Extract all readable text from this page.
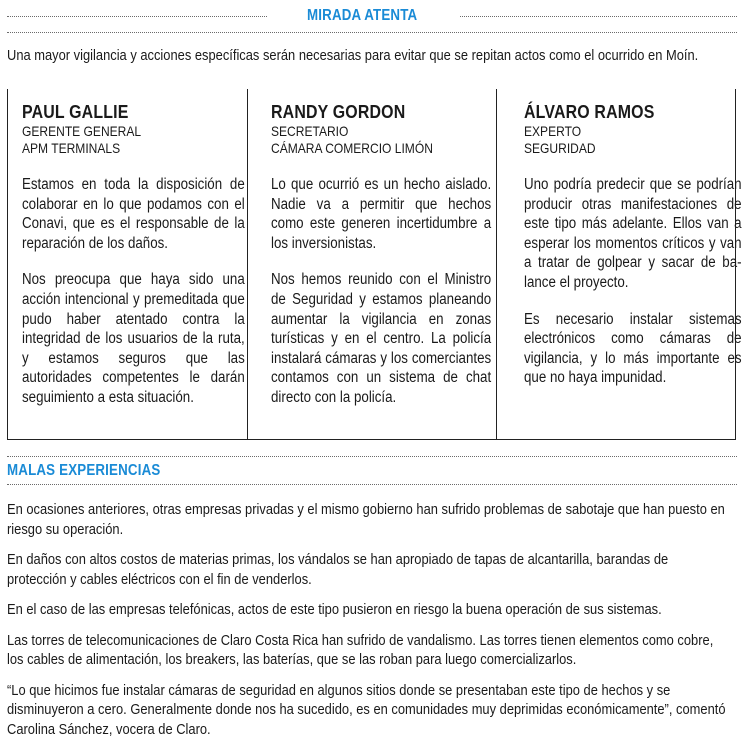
MIRADA ATENTA
Una mayor vigilancia y acciones específicas serán necesarias para evitar que se repitan actos como el ocurrido en Moín.
PAUL GALLIE
GERENTE GENERAL
APM TERMINALS

Estamos en toda la disposición de colaborar en lo que podamos con el Conavi, que es el responsable de la reparación de los daños.

Nos preocupa que haya sido una acción intencional y premeditada que pudo haber atentado contra la integridad de los usuarios de la ruta, y estamos seguros que las autoridades competentes le darán seguimiento a esta situación.

RANDY GORDON
SECRETARIO
CÁMARA COMERCIO LIMÓN

Lo que ocurrió es un hecho aislado. Nadie va a permitir que hechos como este generen incertidumbre a los inversionistas.

Nos hemos reunido con el Ministro de Seguridad y estamos planeando aumentar la vigilancia en zonas turísticas y en el centro. La policía instalará cámaras y los comerciantes contamos con un sistema de chat directo con la policía.

ÁLVARO RAMOS
EXPERTO
SEGURIDAD

Uno podría predecir que se podrían producir otras manifestaciones de este tipo más adelante. Ellos van a esperar los momentos críticos y van a tratar de golpear y sacar de balance el proyecto.

Es necesario instalar sistemas electrónicos como cámaras de vigilancia, y lo más importante es que no haya impunidad.

MALAS EXPERIENCIAS

En ocasiones anteriores, otras empresas privadas y el mismo gobierno han sufrido problemas de sabotaje que han puesto en riesgo su operación.

En daños con altos costos de materias primas, los vándalos se han apropiado de tapas de alcantarilla, barandas de protección y cables eléctricos con el fin de venderlos.

En el caso de las empresas telefónicas, actos de este tipo pusieron en riesgo la buena operación de sus sistemas.

Las torres de telecomunicaciones de Claro Costa Rica han sufrido de vandalismo. Las torres tienen elementos como cobre, los cables de alimentación, los breakers, las baterías, que se las roban para luego comercializarlos.

“Lo que hicimos fue instalar cámaras de seguridad en algunos sitios donde se presentaban este tipo de hechos y se disminuyeron a cero. Generalmente donde nos ha sucedido, es en comunidades muy deprimidas económicamente”, comentó Carolina Sánchez, vocera de Claro.
